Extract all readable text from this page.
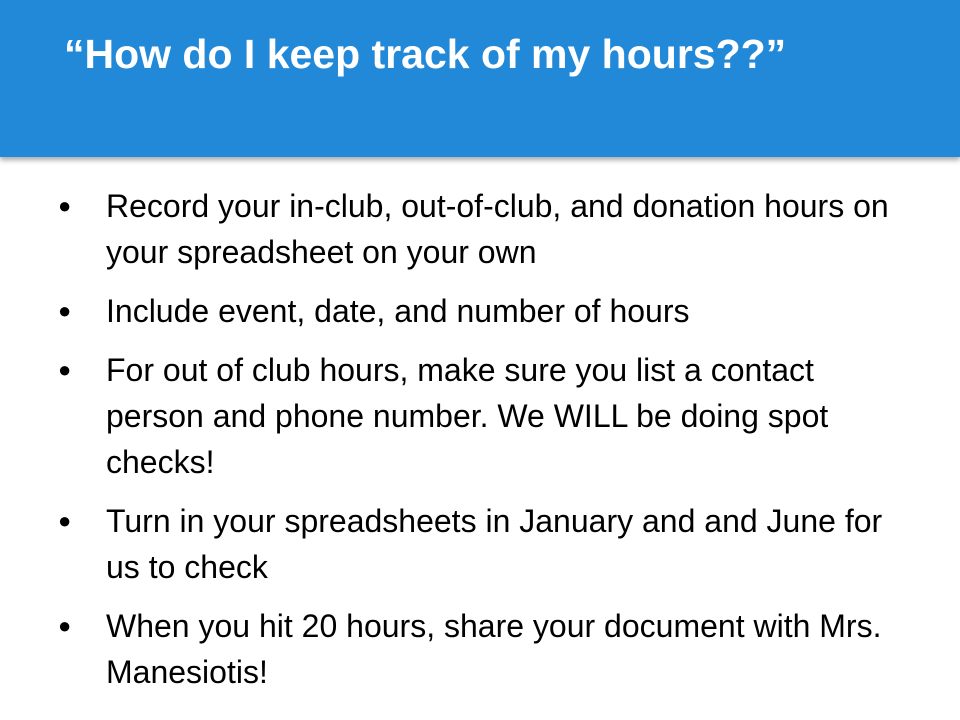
“How do I keep track of my hours??”
● Record your in-club, out-of-club, and donation hours on your spreadsheet on your own
● Include event, date, and number of hours
● For out of club hours, make sure you list a contact person and phone number. We WILL be doing spot checks!
● Turn in your spreadsheets in January and and June for us to check
● When you hit 20 hours, share your document with Mrs. Manesiotis!
